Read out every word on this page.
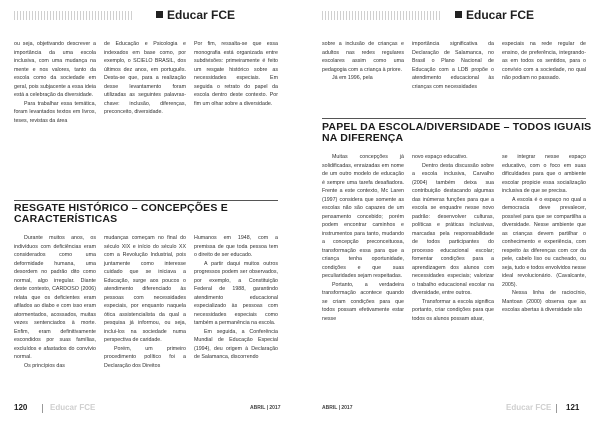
Educar FCE

ou seja, objetivando descrever a importância da uma escola inclusiva, com uma mudança na mente e nos valores, tanto da escola como da sociedade em geral, pois subjacente a essa ideia está a celebração da diversidade.

Para trabalhar essa temática, foram levantados textos em livros, teses, revistas da área

de Educação e Psicologia e indexados em base como, por exemplo, o SCIELO BRASIL, dos últimos dez anos, em português. Desta-se que, para a realização desse levantamento foram utilizadas as seguintes palavras-chave: inclusão, diferenças, preconceito, diversidade.

Por fim, ressalta-se que essa monografia está organizada entre subdivisões: primeiramente é feito um resgate histórico sobre as necessidades especiais. Em seguida o retrato do papel da escola dentro deste contexto. Por fim um olhar sobre a diversidade.

RESGATE HISTÓRICO – CONCEPÇÕES E CARACTERÍSTICAS

Durante muitos anos, os indivíduos com deficiências eram considerados como uma deformidade humana, uma desordem no padrão dito como normal, algo irregular. Diante deste contexto, CARDOSO (2006) relata que os deficientes eram afilados ao diabo e com isso eram atormentados, acossados, muitas vezes sentenciados à morte. Enfim, eram definitivamente escondidos por suas famílias, excluídos e afastados do convívio normal.

Os princípios das

mudanças começam no final do século XIX e início do século XX com a Revolução Industrial, pois juntamente como interesse cuidado que se iniciava a Educação, surge aos poucos o atendimento diferenciado às pessoas com necessidades especiais, por enquanto naquela ótica assistencialista da qual a pesquisa já informou, ou seja, inclui-los na sociedade numa perspectiva de caridade.

Porém, um primeiro procedimento político foi a Declaração dos Direitos

Humanos em 1948, com a premissa de que toda pessoa tem o direito de ser educado.

A partir daqui muitos outros progressos podem ser observados, por exemplo, a Constituição Federal de 1988, garantindo atendimento educacional especializado às pessoas com necessidades especiais como também a permanência na escola.

Em seguida, a Conferência Mundial de Educação Especial (1994), deu origem à Declaração de Salamanca, discorrendo

120	Educar FCE	ABRIL | 2017
Educar FCE

sobre a inclusão de crianças e adultos nas redes regulares escolares assim como uma pedagogia com a criança à priore.

Já em 1996, pela

importância significativa da Declaração de Salamanca, no Brasil o Plano Nacional de Educação com a LDB propõe o atendimento educacional às crianças com necessidades

especiais na rede regular de ensino, de preferência, integrando-as em todos os sentidos, para o convívio com a sociedade, no qual não podiam no passado.

PAPEL DA ESCOLA/DIVERSIDADE – TODOS IGUAIS NA DIFERENÇA

Muitas concepções já solidificadas, enraizadas em nome de um outro modelo de educação é sempre uma tarefa desafiadora. Frente a este contexto, Mc Laren (1997) considera que somente as escolas não são capazes de um pensamento concebido; porém podem encontrar caminhos e instrumentos para tanto, mudando a concepção preconceituosa, transformação essa para que a criança tenha oportunidade, condições e que suas peculiaridades sejam respeitadas.

Portanto, a verdadeira transformação acontece quando se criam condições para que todos possam efetivamente estar nesse

novo espaço educativo.

Dentro desta discussão sobre a escola inclusiva, Carvalho (2004) também deixa sua contribuição destacando algumas das inúmeras funções para que a escola se enquadre nesse novo padrão: desenvolver culturas, políticas e práticas inclusivas, marcadas pela responsabilidade de todos participantes do processo educacional escolar; fomentar condições para a aprendizagem dos alunos com necessidades especiais; valorizar o trabalho educacional escolar na diversidade, entre outros.

Transformar a escola significa portanto, criar condições para que todos os alunos possam atuar,

se integrar nesse espaço educativo, com o foco em suas dificuldades para que o ambiente escolar propicie essa socialização inclusiva de que se precisa.

A escola é o espaço no qual a democracia deve prevalecer, possível para que se compartilha a diversidade. Nesse ambiente que as crianças devem partilhar o conhecimento e experiência, com respeito às diferenças com cor da pele, cabelo liso ou cacheado, ou seja, tudo e todos envolvidos nesse ideal revolucionário. (Cavalcante, 2005).

Nessa linha de raciocínio, Mantoan (2000) observa que as escolas abertas à diversidade são

ABRIL | 2017	Educar FCE 121
